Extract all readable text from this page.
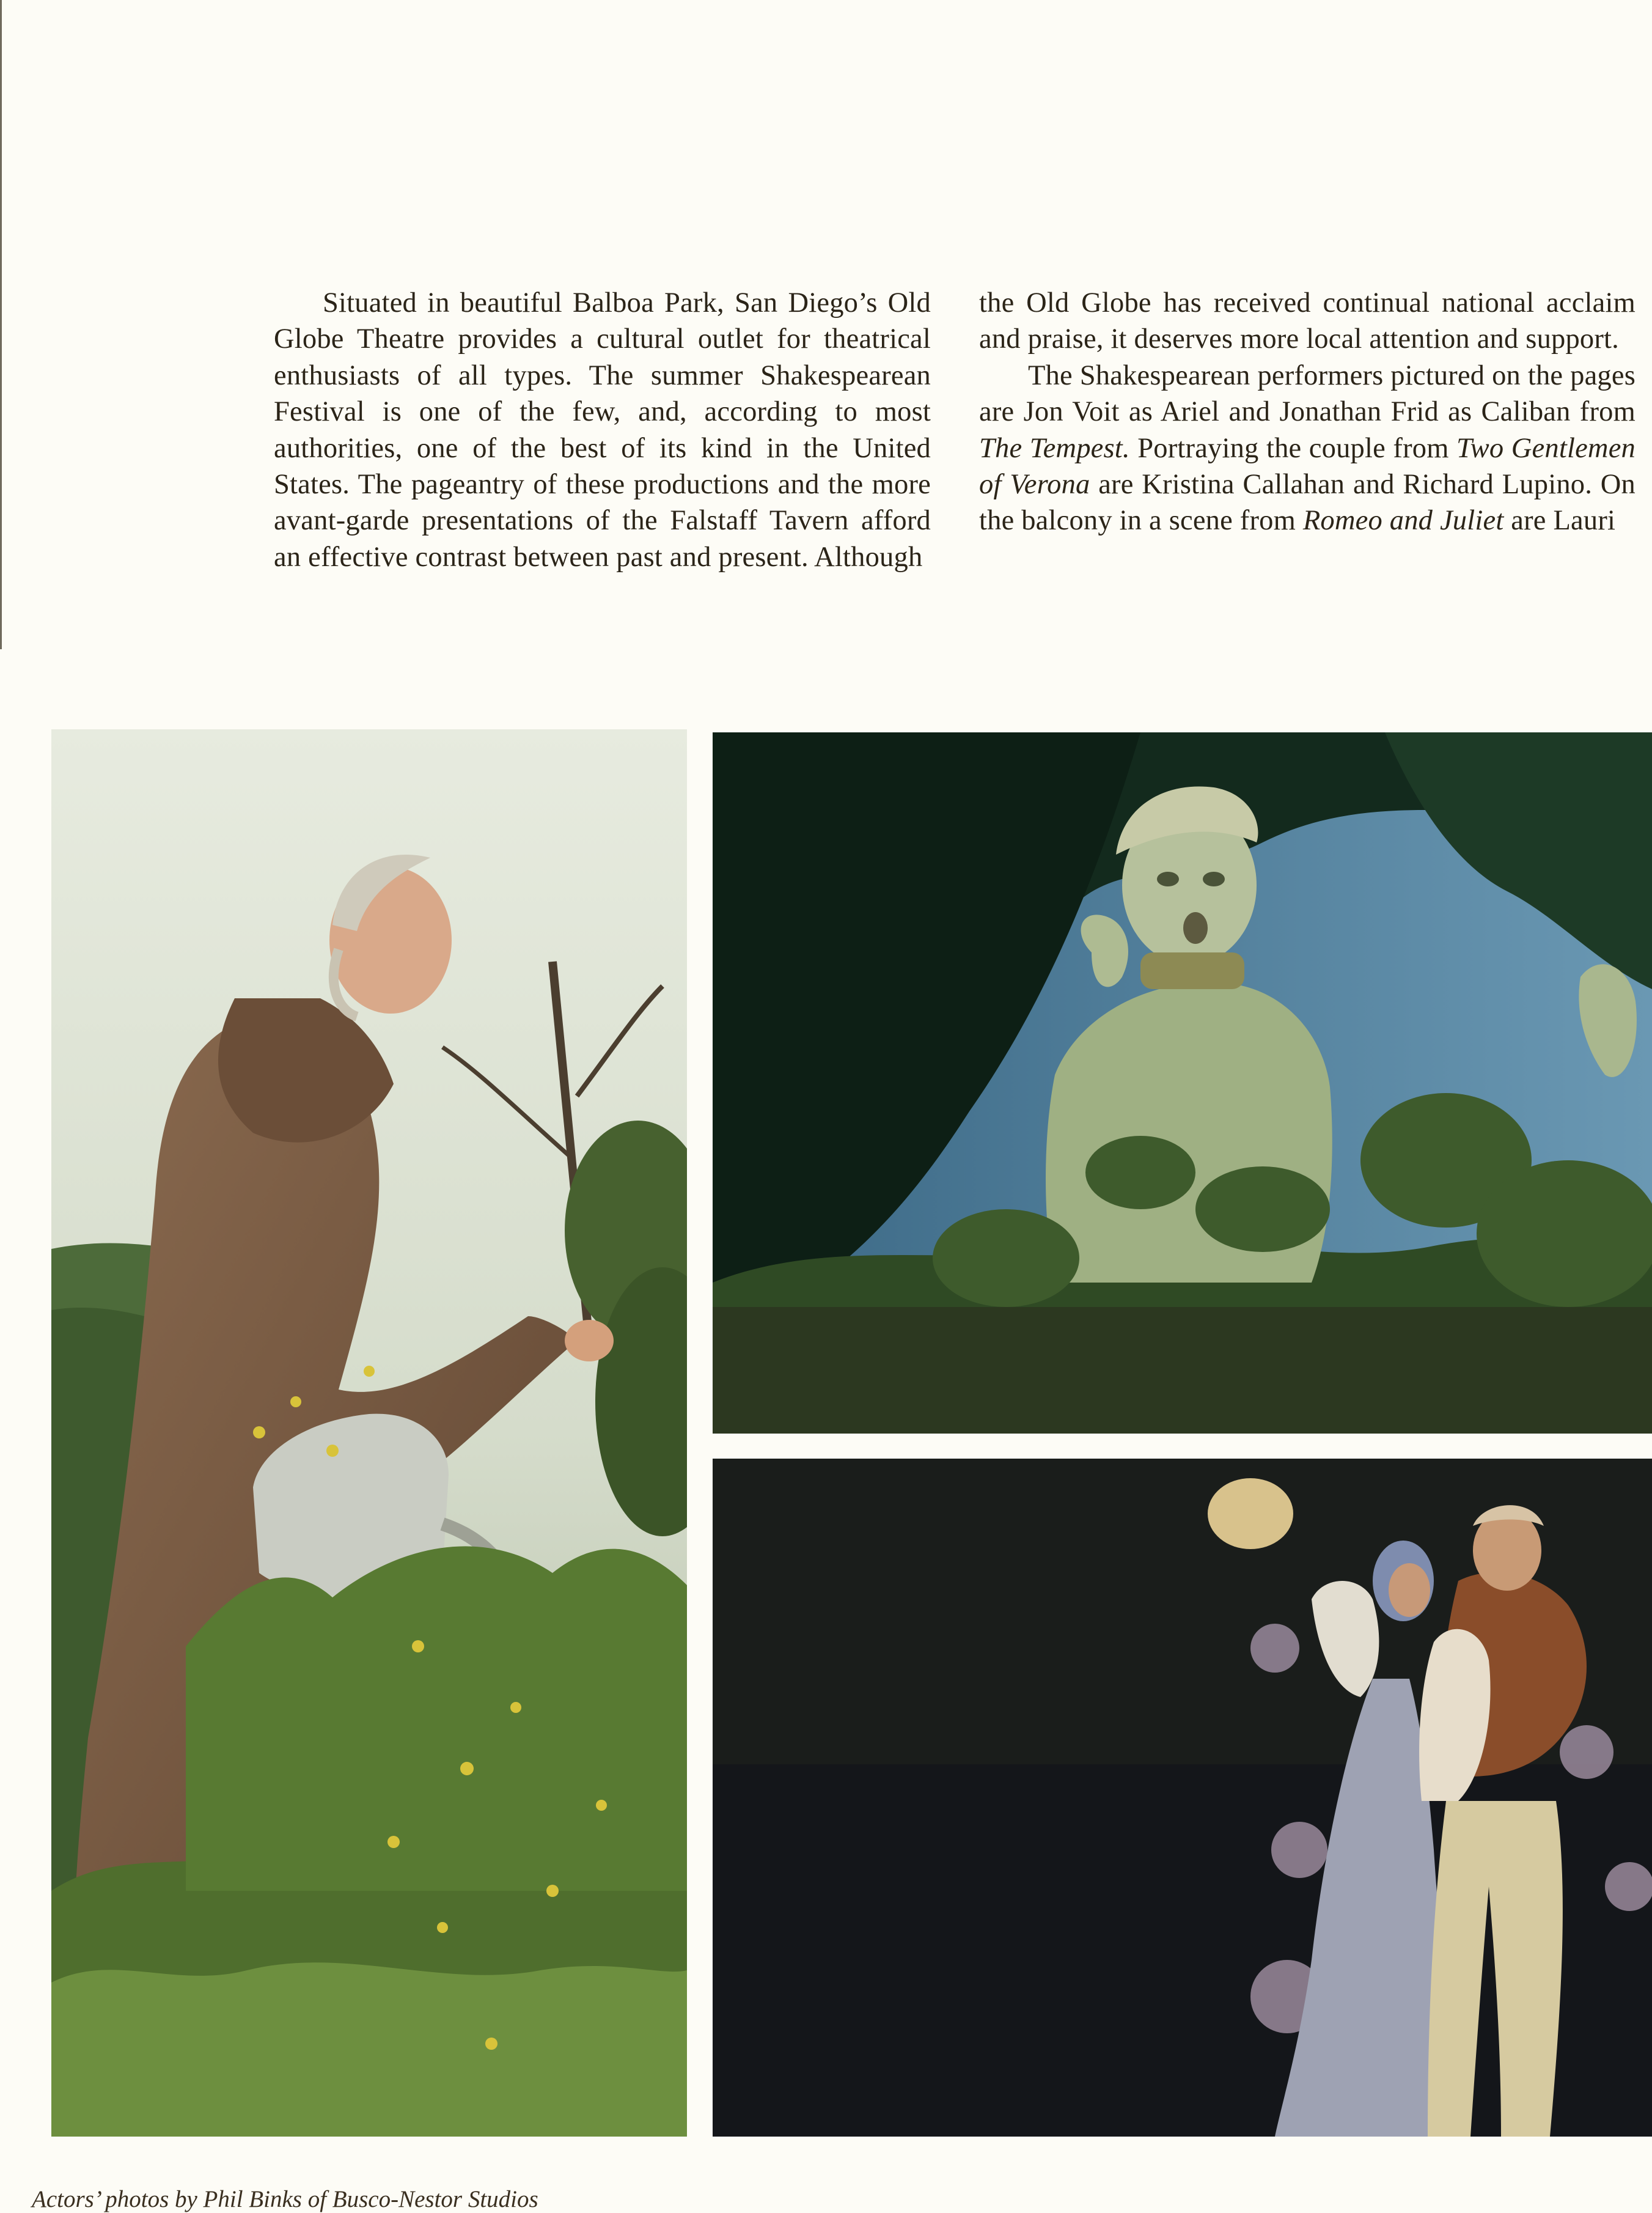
Situated in beautiful Balboa Park, San Diego’s Old Globe Theatre provides a cultural outlet for theatrical enthusiasts of all types. The summer Shakespearean Festival is one of the few, and, according to most authorities, one of the best of its kind in the United States. The pageantry of these productions and the more avant-garde presentations of the Falstaff Tavern afford an effective contrast between past and present. Although

the Old Globe has received continual national acclaim and praise, it deserves more local attention and support.

The Shakespearean performers pictured on the pages are Jon Voit as Ariel and Jonathan Frid as Caliban from The Tempest. Portraying the couple from Two Gentlemen of Verona are Kristina Callahan and Richard Lupino. On the balcony in a scene from Romeo and Juliet are Lauri

Actors’ photos by Phil Binks of Busco-Nestor Studios
